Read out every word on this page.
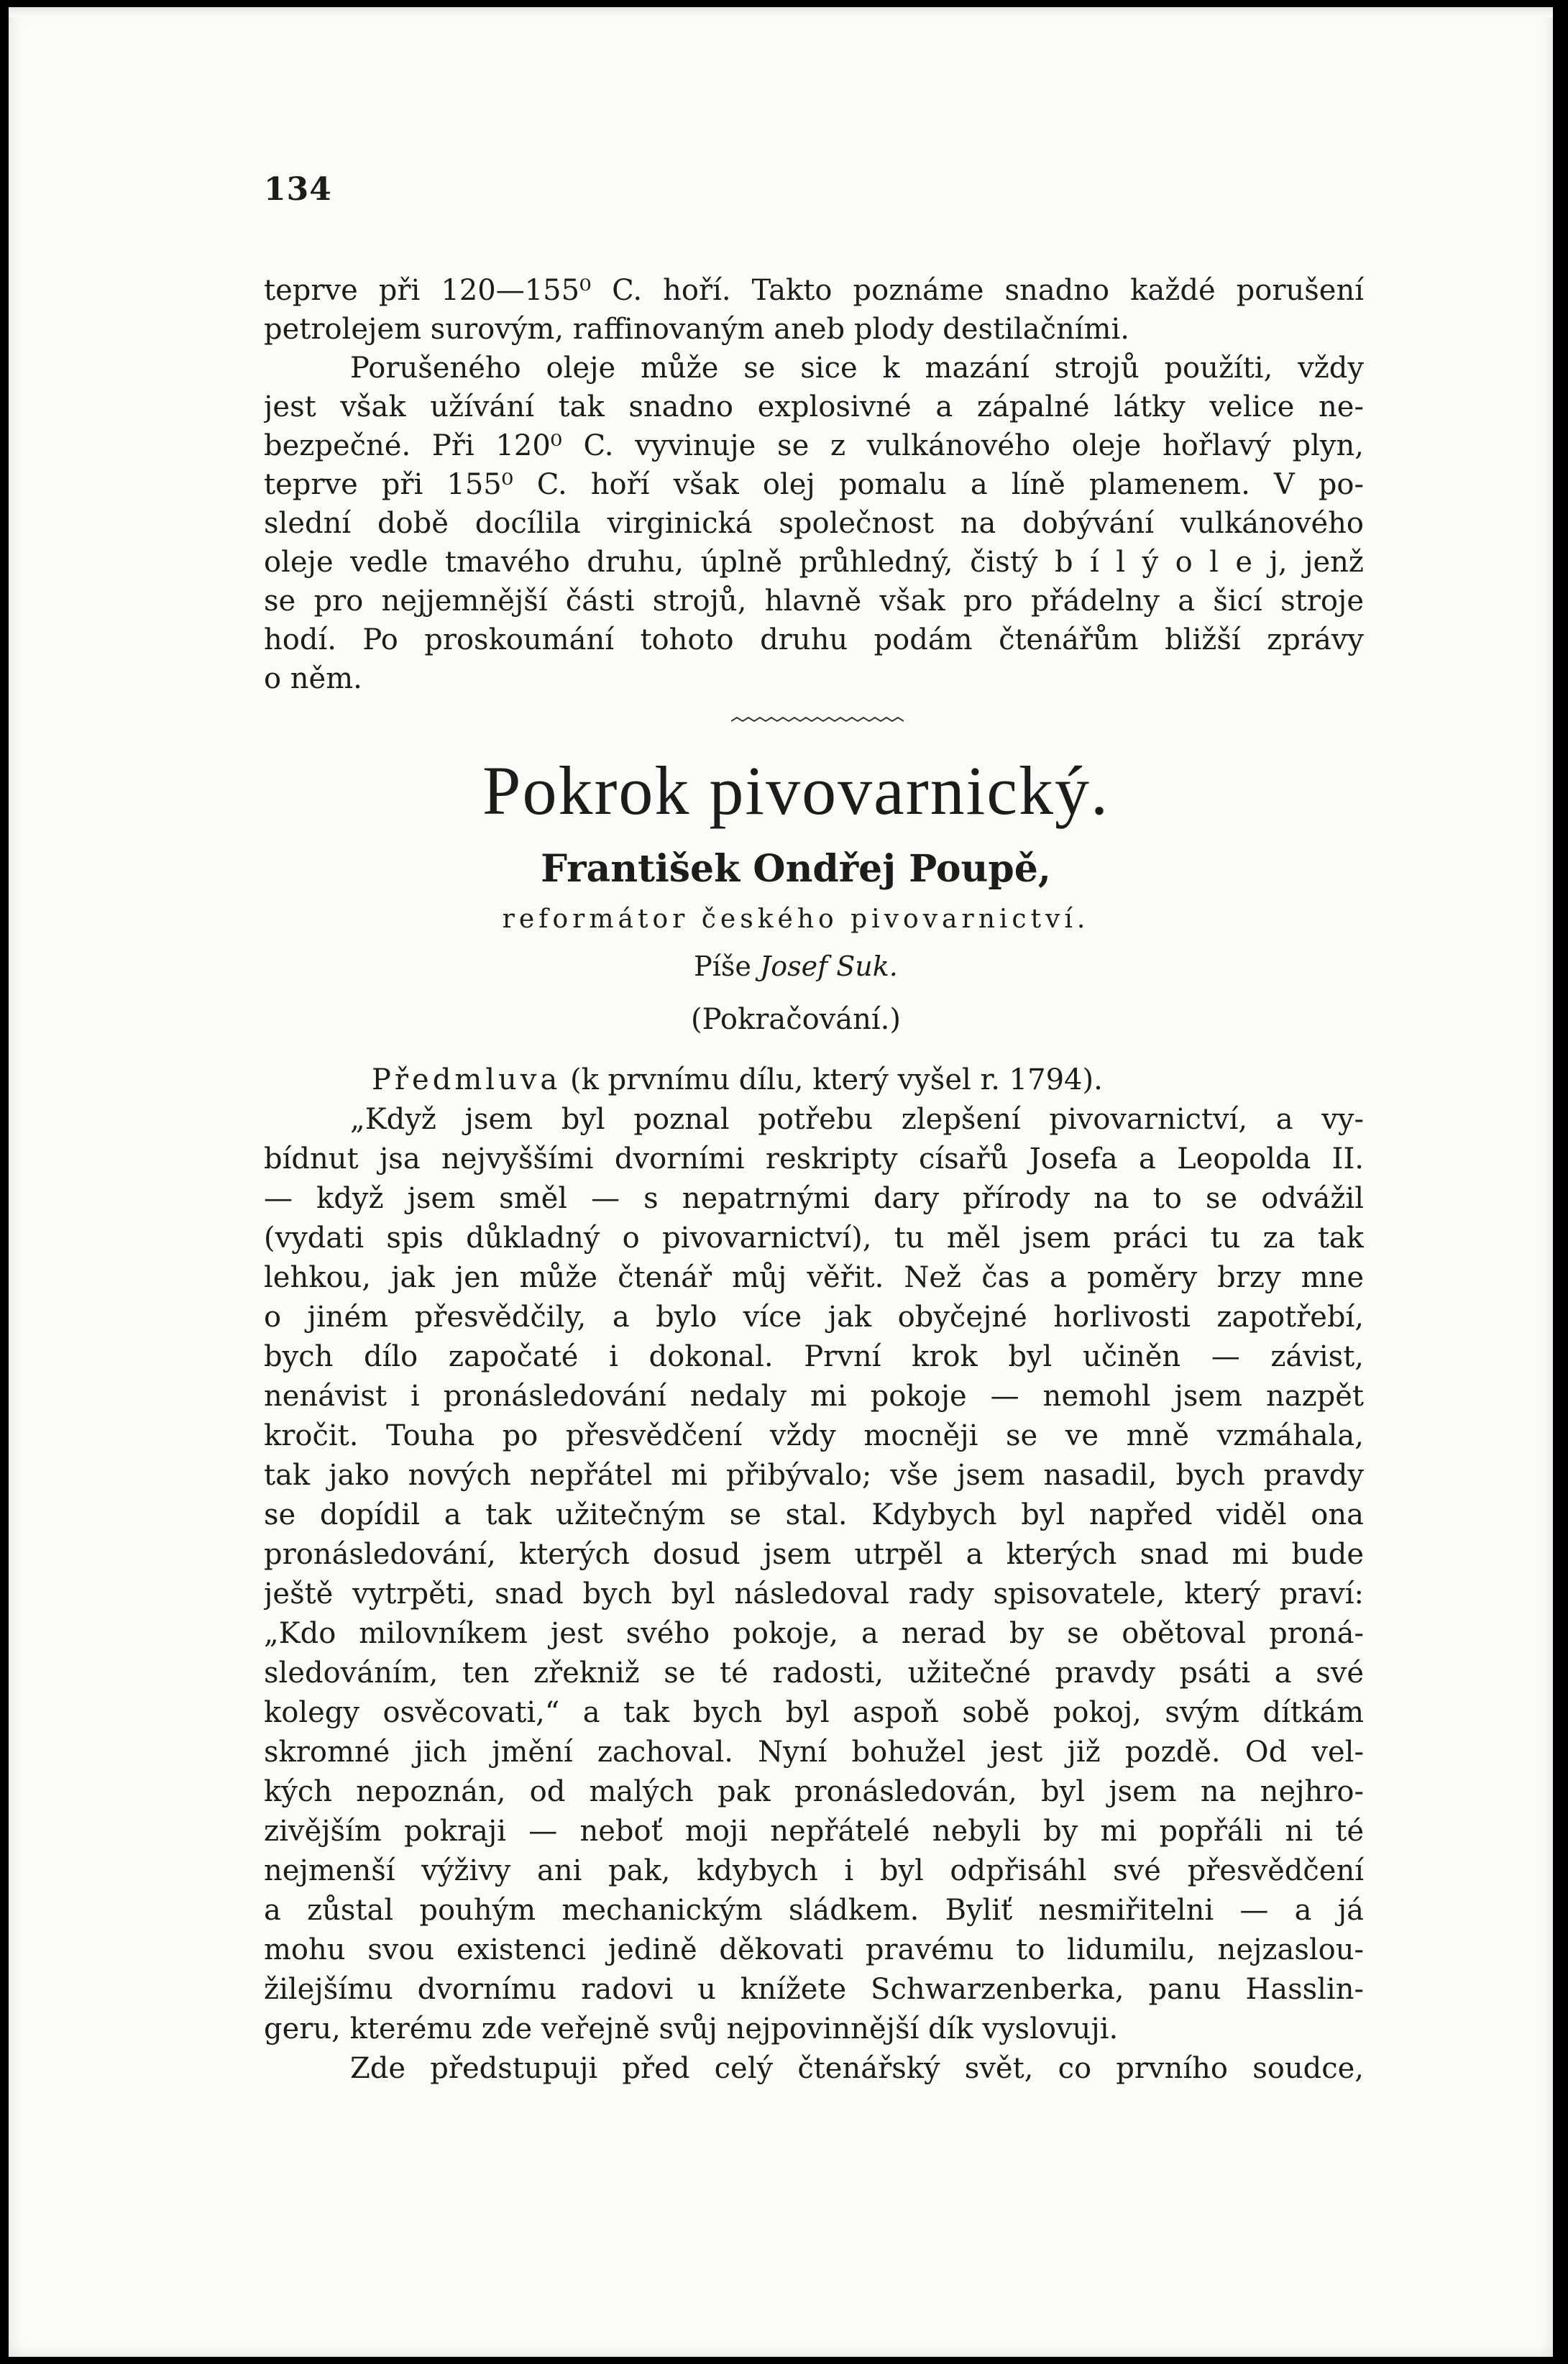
134
teprve při 120—155⁰ C. hoří. Takto poznáme snadno každé porušení
petrolejem surovým, raffinovaným aneb plody destilačními.
Porušeného oleje může se sice k mazání strojů použíti, vždy
jest však užívání tak snadno explosivné a zápalné látky velice ne-
bezpečné. Při 120⁰ C. vyvinuje se z vulkánového oleje hořlavý plyn,
teprve při 155⁰ C. hoří však olej pomalu a líně plamenem. V po-
slední době docílila virginická společnost na dobývání vulkánového
oleje vedle tmavého druhu, úplně průhledný, čistý b í l ý o l e j, jenž
se pro nejjemnější části strojů, hlavně však pro přádelny a šicí stroje
hodí. Po proskoumání tohoto druhu podám čtenářům bližší zprávy
o něm.
Pokrok pivovarnický.
František Ondřej Poupě,
reformátor českého pivovarnictví.
Píše Josef Suk.
(Pokračování.)
Předmluva (k prvnímu dílu, který vyšel r. 1794).
„Když jsem byl poznal potřebu zlepšení pivovarnictví, a vy-
bídnut jsa nejvyššími dvorními reskripty císařů Josefa a Leopolda II.
— když jsem směl — s nepatrnými dary přírody na to se odvážil
(vydati spis důkladný o pivovarnictví), tu měl jsem práci tu za tak
lehkou, jak jen může čtenář můj věřit. Než čas a poměry brzy mne
o jiném přesvědčily, a bylo více jak obyčejné horlivosti zapotřebí,
bych dílo započaté i dokonal. První krok byl učiněn — závist,
nenávist i pronásledování nedaly mi pokoje — nemohl jsem nazpět
kročit. Touha po přesvědčení vždy mocněji se ve mně vzmáhala,
tak jako nových nepřátel mi přibývalo; vše jsem nasadil, bych pravdy
se dopídil a tak užitečným se stal. Kdybych byl napřed viděl ona
pronásledování, kterých dosud jsem utrpěl a kterých snad mi bude
ještě vytrpěti, snad bych byl následoval rady spisovatele, který praví:
„Kdo milovníkem jest svého pokoje, a nerad by se obětoval proná-
sledováním, ten zřekniž se té radosti, užitečné pravdy psáti a své
kolegy osvěcovati,“ a tak bych byl aspoň sobě pokoj, svým dítkám
skromné jich jmění zachoval. Nyní bohužel jest již pozdě. Od vel-
kých nepoznán, od malých pak pronásledován, byl jsem na nejhro-
zivějším pokraji — neboť moji nepřátelé nebyli by mi popřáli ni té
nejmenší výživy ani pak, kdybych i byl odpřisáhl své přesvědčení
a zůstal pouhým mechanickým sládkem. Byliť nesmiřitelni — a já
mohu svou existenci jedině děkovati pravému to lidumilu, nejzaslou-
žilejšímu dvornímu radovi u knížete Schwarzenberka, panu Hasslin-
geru, kterému zde veřejně svůj nejpovinnější dík vyslovuji.
Zde předstupuji před celý čtenářský svět, co prvního soudce,
